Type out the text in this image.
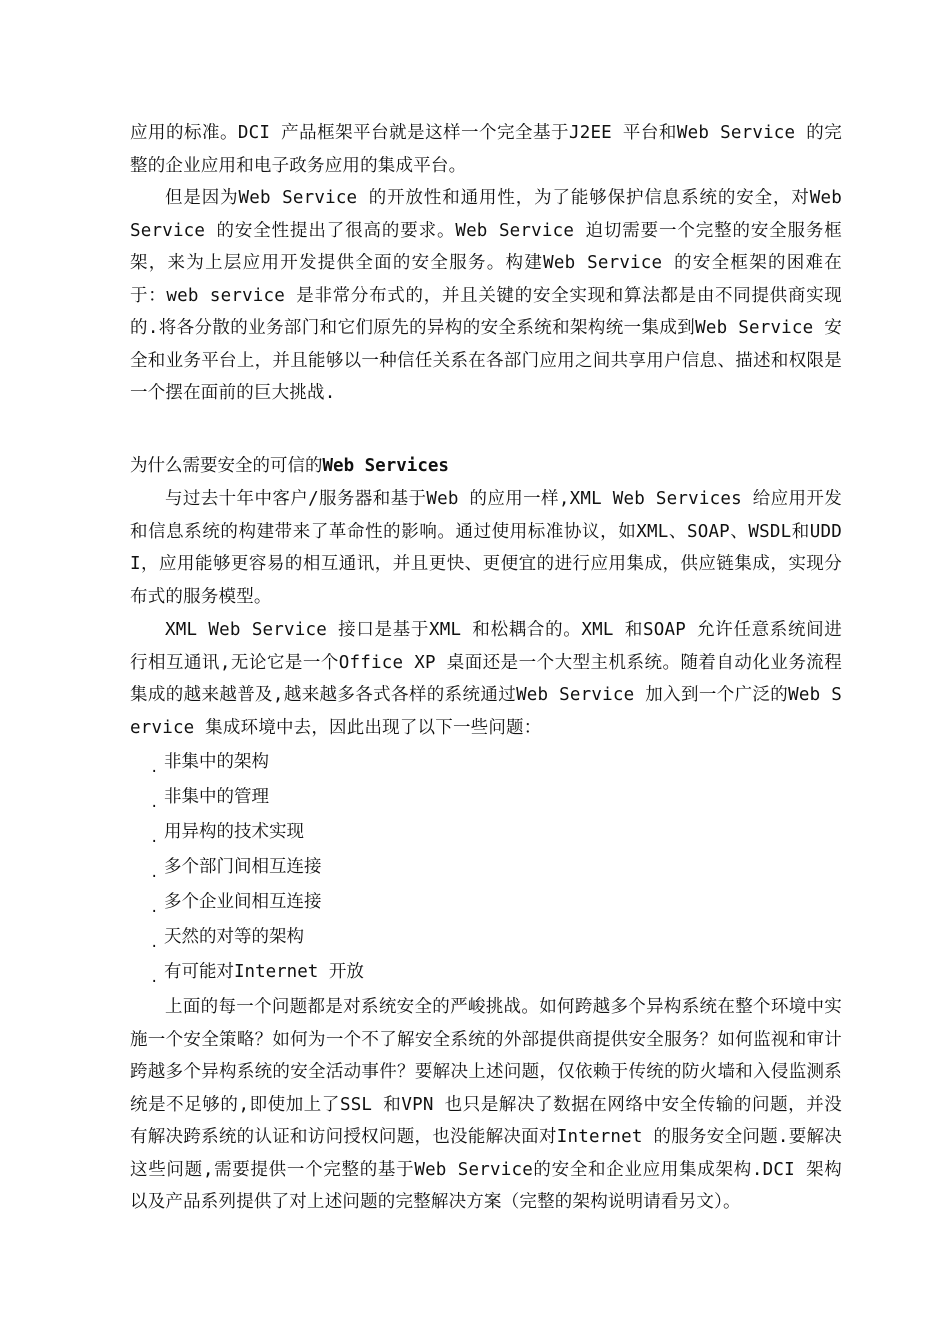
应用的标准。DCI 产品框架平台就是这样一个完全基于J2EE 平台和Web Service 的完整的企业应用和电子政务应用的集成平台。

但是因为Web Service 的开放性和通用性，为了能够保护信息系统的安全，对Web Service 的安全性提出了很高的要求。Web Service 迫切需要一个完整的安全服务框架，来为上层应用开发提供全面的安全服务。构建Web Service 的安全框架的困难在于：web service 是非常分布式的，并且关键的安全实现和算法都是由不同提供商实现的.将各分散的业务部门和它们原先的异构的安全系统和架构统一集成到Web Service 安全和业务平台上，并且能够以一种信任关系在各部门应用之间共享用户信息、描述和权限是一个摆在面前的巨大挑战.

为什么需要安全的可信的Web Services

与过去十年中客户/服务器和基于Web 的应用一样,XML Web Services 给应用开发和信息系统的构建带来了革命性的影响。通过使用标准协议，如XML、SOAP、WSDL和UDDI，应用能够更容易的相互通讯，并且更快、更便宜的进行应用集成，供应链集成，实现分布式的服务模型。

XML Web Service 接口是基于XML 和松耦合的。XML 和SOAP 允许任意系统间进行相互通讯,无论它是一个Office XP 桌面还是一个大型主机系统。随着自动化业务流程集成的越来越普及,越来越多各式各样的系统通过Web Service 加入到一个广泛的Web Service 集成环境中去，因此出现了以下一些问题：

. 非集中的架构
. 非集中的管理
. 用异构的技术实现
. 多个部门间相互连接
. 多个企业间相互连接
. 天然的对等的架构
. 有可能对Internet 开放

上面的每一个问题都是对系统安全的严峻挑战。如何跨越多个异构系统在整个环境中实施一个安全策略？如何为一个不了解安全系统的外部提供商提供安全服务？如何监视和审计跨越多个异构系统的安全活动事件？要解决上述问题，仅依赖于传统的防火墙和入侵监测系统是不足够的,即使加上了SSL 和VPN 也只是解决了数据在网络中安全传输的问题，并没有解决跨系统的认证和访问授权问题，也没能解决面对Internet 的服务安全问题.要解决这些问题,需要提供一个完整的基于Web Service的安全和企业应用集成架构.DCI 架构以及产品系列提供了对上述问题的完整解决方案（完整的架构说明请看另文）。
